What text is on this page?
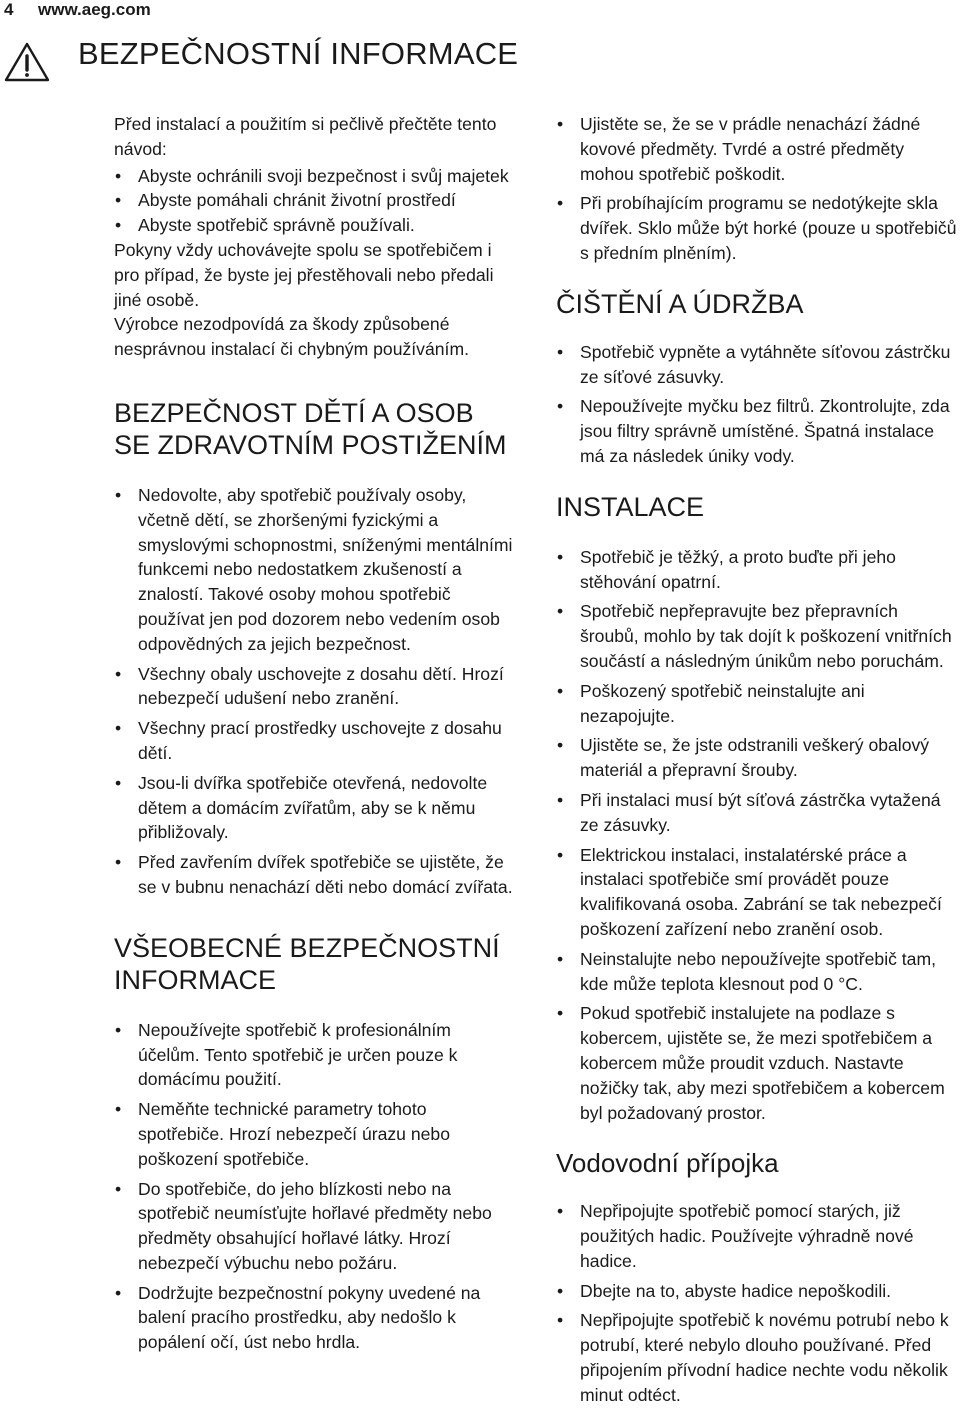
4 www.aeg.com
BEZPEČNOSTNÍ INFORMACE

Před instalací a použitím si pečlivě přečtěte tento návod:

• Abyste ochránili svoji bezpečnost i svůj majetek
• Abyste pomáhali chránit životní prostředí
• Abyste spotřebič správně používali.

Pokyny vždy uchovávejte spolu se spotřebičem i pro případ, že byste jej přestěhovali nebo předali jiné osobě.

Výrobce nezodpovídá za škody způsobené nesprávnou instalací či chybným používáním.

BEZPEČNOST DĚTÍ A OSOB SE ZDRAVOTNÍM POSTIŽENÍM
• Nedovolte, aby spotřebič používaly osoby, včetně dětí, se zhoršenými fyzickými a smyslovými schopnostmi, sníženými mentálními funkcemi nebo nedostatkem zkušeností a znalostí. Takové osoby mohou spotřebič používat jen pod dozorem nebo vedením osob odpovědných za jejich bezpečnost.
• Všechny obaly uschovejte z dosahu dětí. Hrozí nebezpečí udušení nebo zranění.
• Všechny prací prostředky uschovejte z dosahu dětí.
• Jsou-li dvířka spotřebiče otevřená, nedovolte dětem a domácím zvířatům, aby se k němu přibližovaly.
• Před zavřením dvířek spotřebiče se ujistěte, že se v bubnu nenachází děti nebo domácí zvířata.
VŠEOBECNÉ BEZPEČNOSTNÍ INFORMACE
• Nepoužívejte spotřebič k profesionálním účelům. Tento spotřebič je určen pouze k domácímu použití.
• Neměňte technické parametry tohoto spotřebiče. Hrozí nebezpečí úrazu nebo poškození spotřebiče.
• Do spotřebiče, do jeho blízkosti nebo na spotřebič neumísťujte hořlavé předměty nebo předměty obsahující hořlavé látky. Hrozí nebezpečí výbuchu nebo požáru.
• Dodržujte bezpečnostní pokyny uvedené na balení pracího prostředku, aby nedošlo k popálení očí, úst nebo hrdla.
• Ujistěte se, že se v prádle nenachází žádné kovové předměty. Tvrdé a ostré předměty mohou spotřebič poškodit.
• Při probíhajícím programu se nedotýkejte skla dvířek. Sklo může být horké (pouze u spotřebičů s předním plněním).
ČIŠTĚNÍ A ÚDRŽBA
• Spotřebič vypněte a vytáhněte síťovou zástrčku ze síťové zásuvky.
• Nepoužívejte myčku bez filtrů. Zkontrolujte, zda jsou filtry správně umístěné. Špatná instalace má za následek úniky vody.
INSTALACE
• Spotřebič je těžký, a proto buďte při jeho stěhování opatrní.
• Spotřebič nepřepravujte bez přepravních šroubů, mohlo by tak dojít k poškození vnitřních součástí a následným únikům nebo poruchám.
• Poškozený spotřebič neinstalujte ani nezapojujte.
• Ujistěte se, že jste odstranili veškerý obalový materiál a přepravní šrouby.
• Při instalaci musí být síťová zástrčka vytažená ze zásuvky.
• Elektrickou instalaci, instalatérské práce a instalaci spotřebiče smí provádět pouze kvalifikovaná osoba. Zabrání se tak nebezpečí poškození zařízení nebo zranění osob.
• Neinstalujte nebo nepoužívejte spotřebič tam, kde může teplota klesnout pod 0 °C.
• Pokud spotřebič instalujete na podlaze s kobercem, ujistěte se, že mezi spotřebičem a kobercem může proudit vzduch. Nastavte nožičky tak, aby mezi spotřebičem a kobercem byl požadovaný prostor.
Vodovodní přípojka
• Nepřipojujte spotřebič pomocí starých, již použitých hadic. Používejte výhradně nové hadice.
• Dbejte na to, abyste hadice nepoškodili.
• Nepřipojujte spotřebič k novému potrubí nebo k potrubí, které nebylo dlouho používané. Před připojením přívodní hadice nechte vodu několik minut odtéct.
